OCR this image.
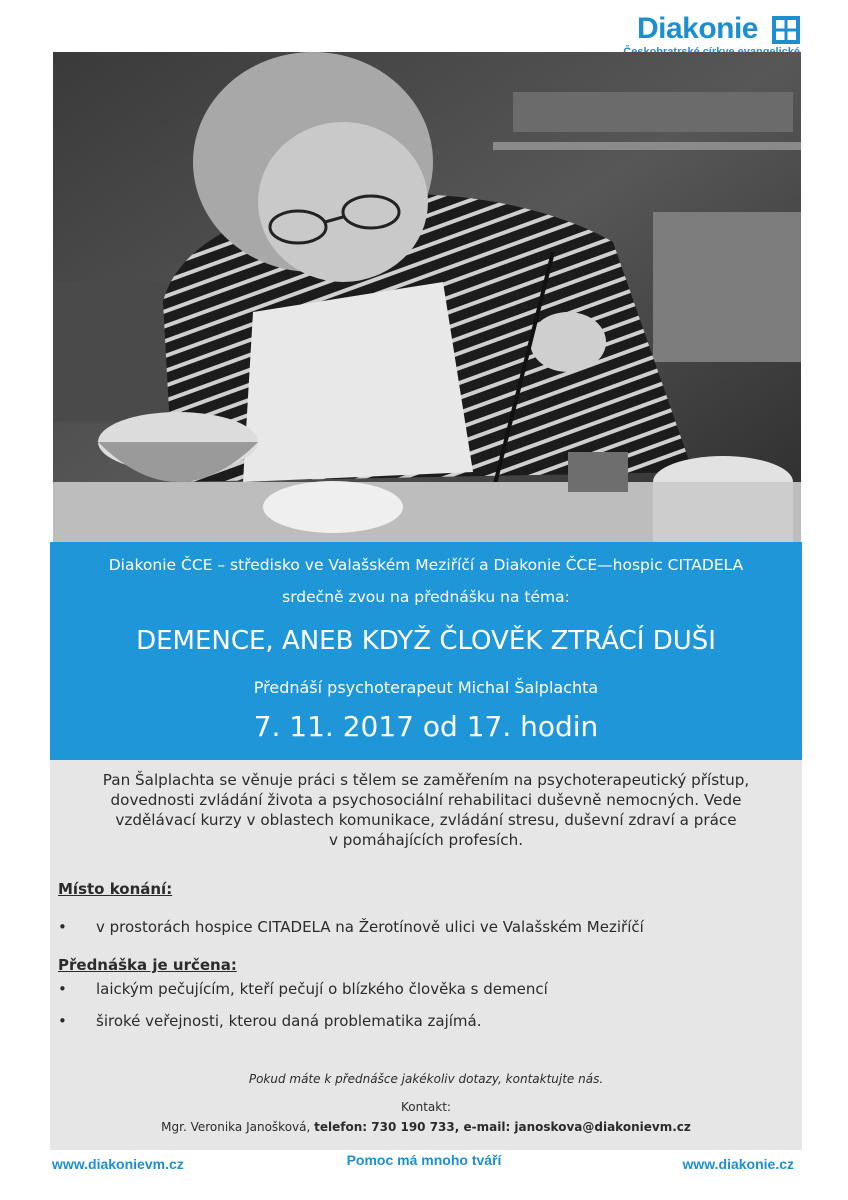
Diakonie
Diakonie ČCE – středisko ve Valašském Meziříčí a Diakonie ČCE—hospic CITADELA
srdečně zvou na přednášku na téma:
DEMENCE, ANEB KDYŽ ČLOVĚK ZTRÁCÍ DUŠI
Přednáší psychoterapeut Michal Šalplachta
7. 11. 2017 od 17. hodin
Pan Šalplachta se věnuje práci s tělem se zaměřením na psychoterapeutický přístup,
dovednosti zvládání života a psychosociální rehabilitaci duševně nemocných. Vede
vzdělávací kurzy v oblastech komunikace, zvládání stresu, duševní zdraví a práce
v pomáhajících profesích.
Místo konání:
• v prostorách hospice CITADELA na Žerotínově ulici ve Valašském Meziříčí
Přednáška je určena:
• laickým pečujícím, kteří pečují o blízkého člověka s demencí
• široké veřejnosti, kterou daná problematika zajímá.
Pokud máte k přednášce jakékoliv dotazy, kontaktujte nás.
Kontakt:
Mgr. Veronika Janošková, telefon: 730 190 733, e-mail: janoskova@diakonievm.cz
www.diakonievm.cz	Pomoc má mnoho tváří	www.diakonie.cz
